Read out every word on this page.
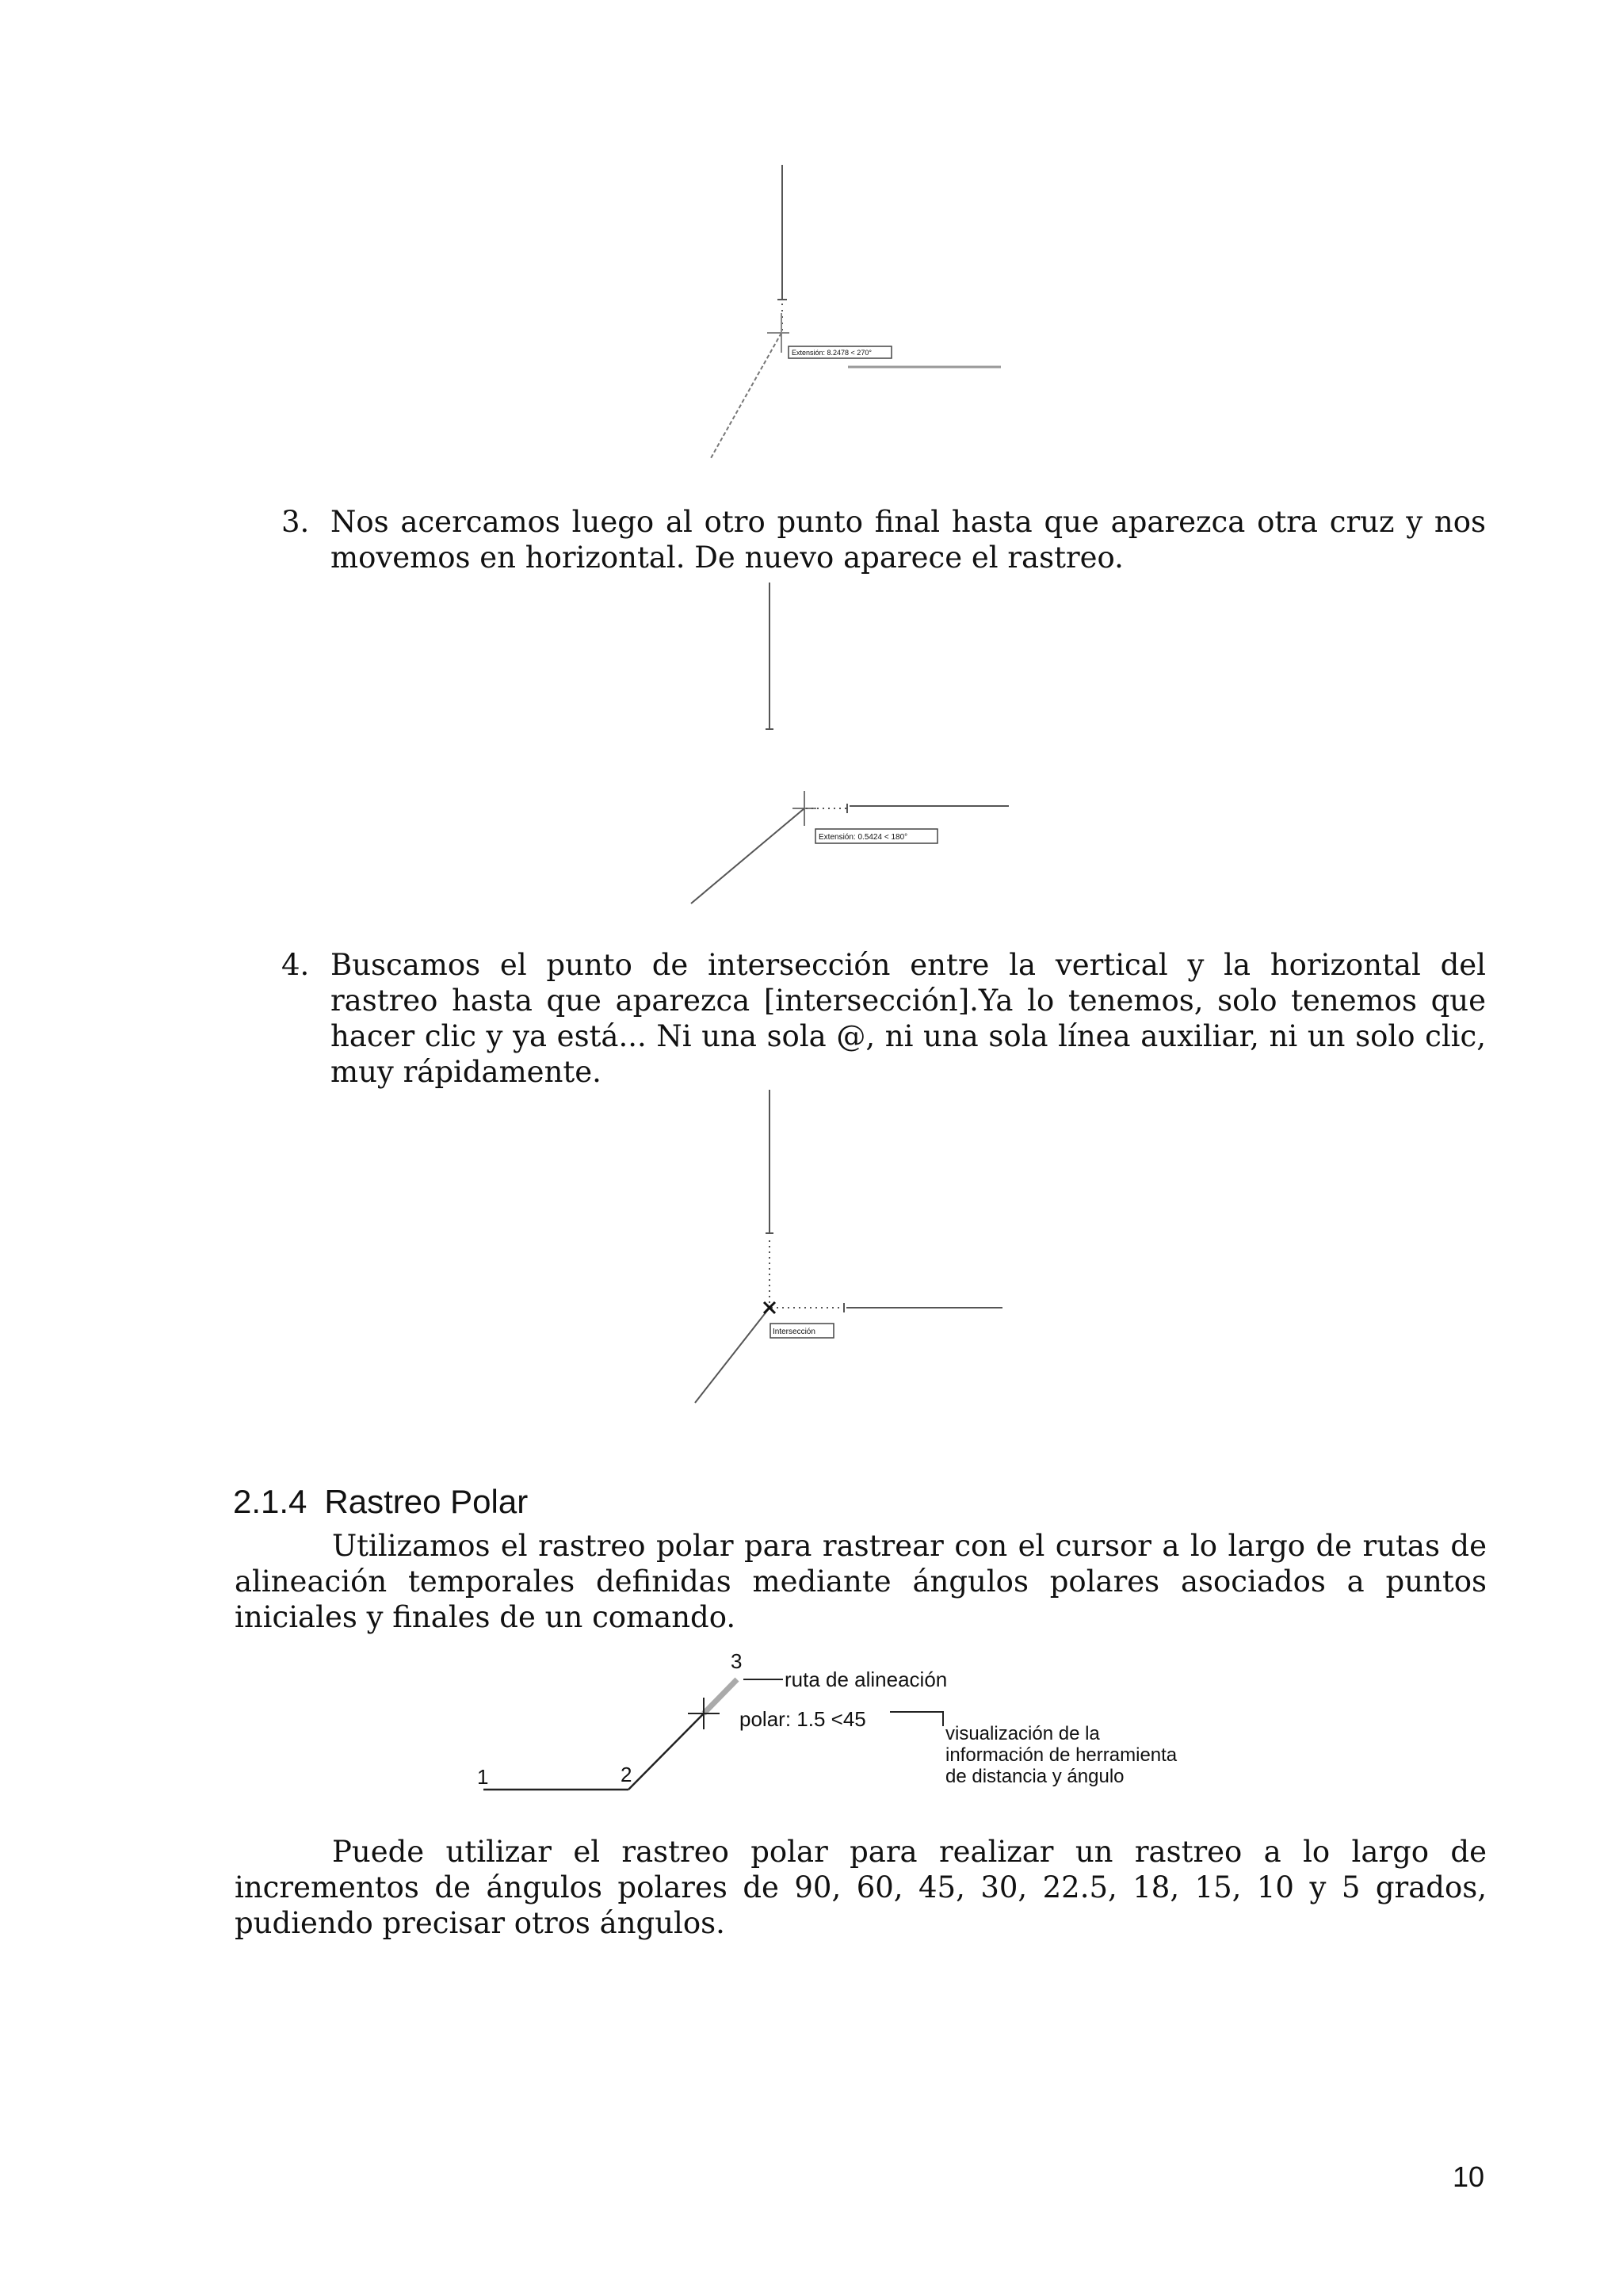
Extensión: 8.2478 < 270°
3. Nos acercamos luego al otro punto final hasta que aparezca otra cruz y nos movemos en horizontal. De nuevo aparece el rastreo.
Extensión: 0.5424 < 180°
4. Buscamos el punto de intersección entre la vertical y la horizontal del rastreo hasta que aparezca [intersección].Ya lo tenemos, solo tenemos que hacer clic y ya está... Ni una sola @, ni una sola línea auxiliar, ni un solo clic, muy rápidamente.
Intersección
2.1.4 Rastreo Polar
Utilizamos el rastreo polar para rastrear con el cursor a lo largo de rutas de alineación temporales definidas mediante ángulos polares asociados a puntos iniciales y finales de un comando.
1	2
3
ruta de alineación
polar: 1.5 <45
visualización de la
información de herramienta
de distancia y ángulo
Puede utilizar el rastreo polar para realizar un rastreo a lo largo de incrementos de ángulos polares de 90, 60, 45, 30, 22.5, 18, 15, 10 y 5 grados, pudiendo precisar otros ángulos.
10
